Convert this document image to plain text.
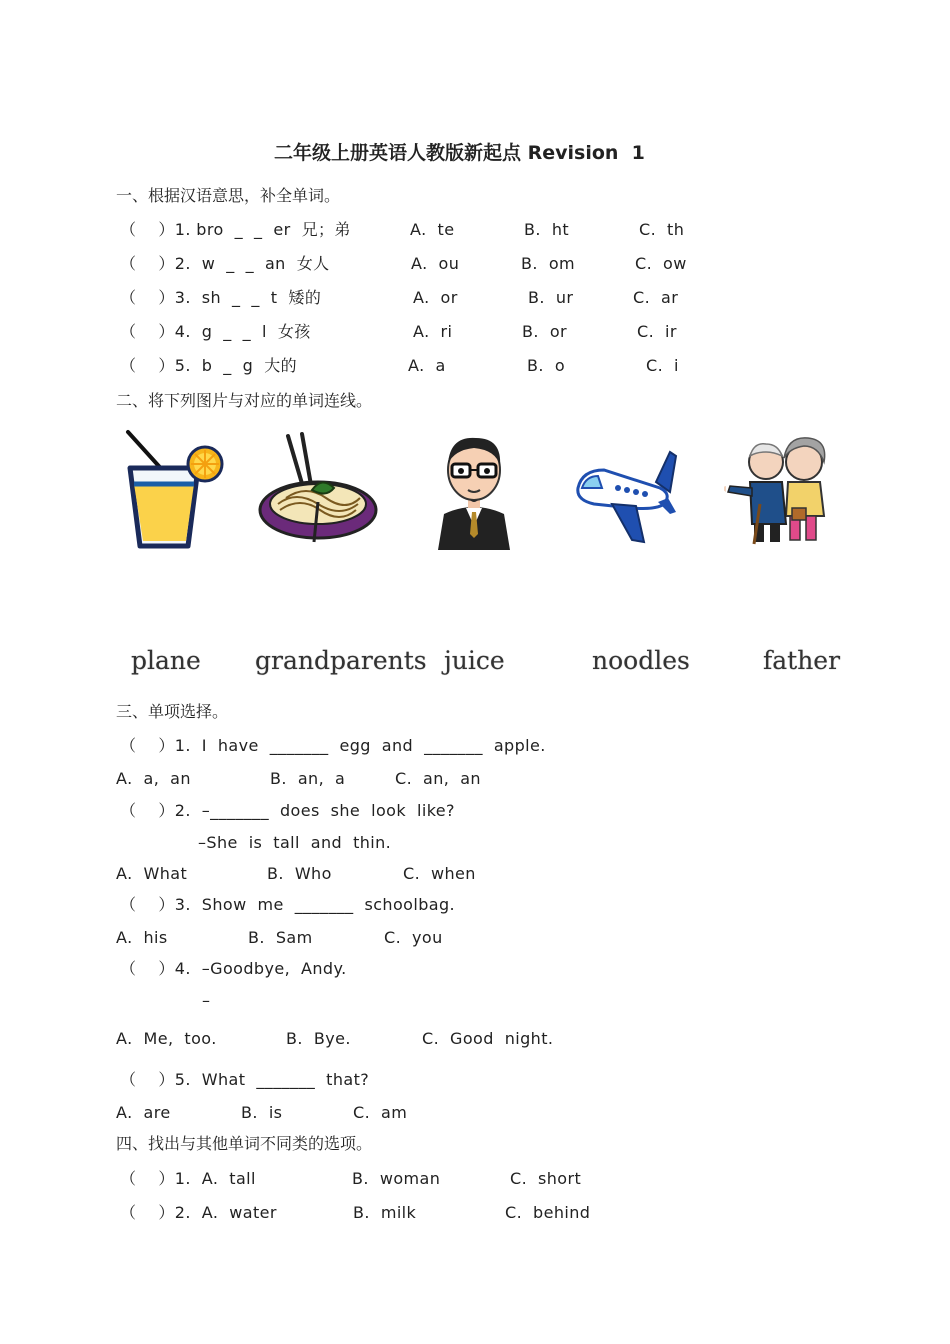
二年级上册英语人教版新起点 Revision  1
一、根据汉语意思，补全单词。
（    ）1. bro  _  _  er  兄；弟	A.  te	B.  ht	C.  th
（    ）2.  w  _  _  an  女人	A.  ou	B.  om	C.  ow
（    ）3.  sh  _  _  t  矮的	A.  or	B.  ur	C.  ar
（    ）4.  g  _  _  l  女孩	A.  ri	B.  or	C.  ir
（    ）5.  b  _  g  大的	A.  a	B.  o	C.  i
二、将下列图片与对应的单词连线。
plane grandparents juice	noodles	father
三、单项选择。
（    ）1.  I  have  _______  egg  and  _______  apple.
A.  a,  an	B.  an,  a	C.  an,  an
（    ）2.  –_______  does  she  look  like?
–She  is  tall  and  thin.
A.  What	B.  Who	C.  when
（    ）3.  Show  me  _______  schoolbag.
A.  his	B.  Sam	C.  you
（    ）4.  –Goodbye,  Andy.
–
A.  Me,  too.	B.  Bye.	C.  Good  night.
（    ）5.  What  _______  that?
A.  are	B.  is	C.  am
四、找出与其他单词不同类的选项。
（    ）1.  A.  tall	B.  woman	C.  short
（    ）2.  A.  water	B.  milk	C.  behind
